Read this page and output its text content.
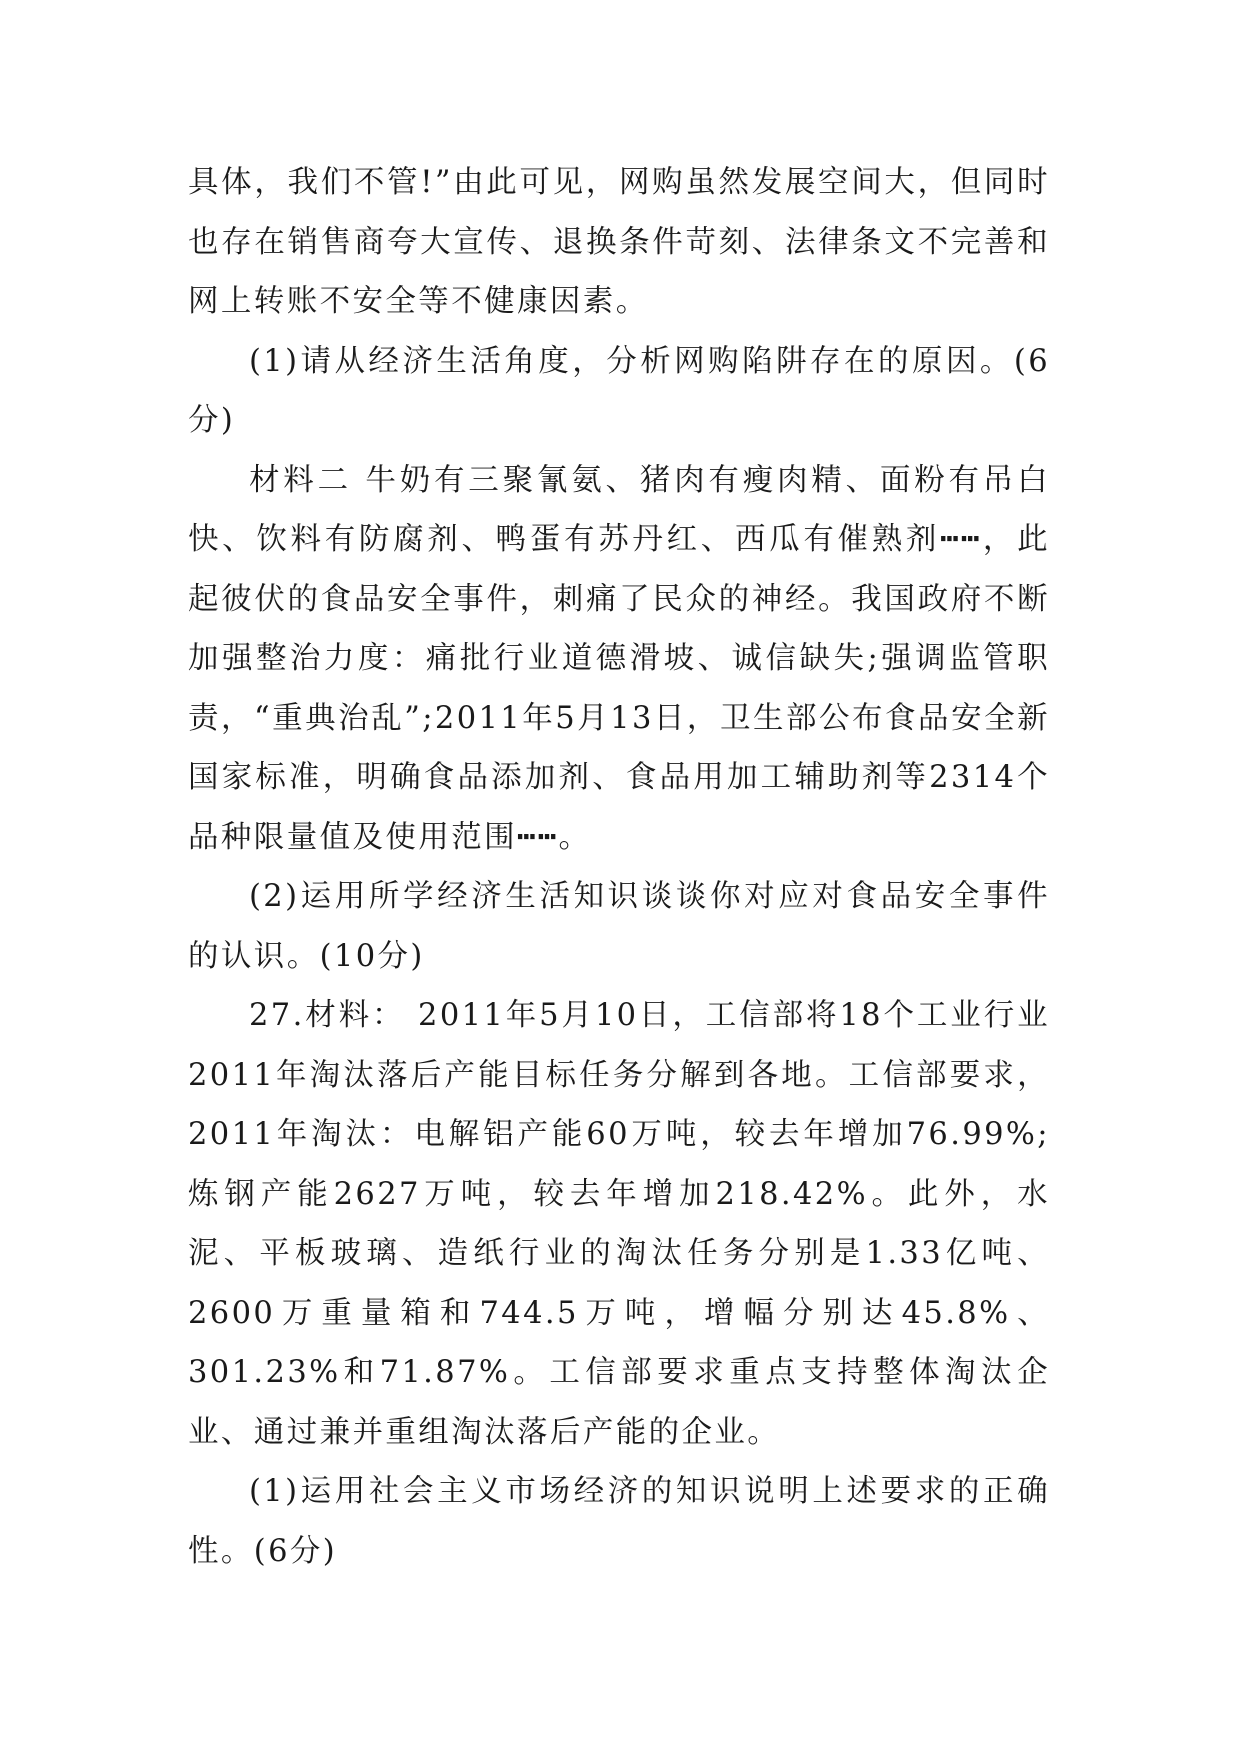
具体，我们不管!”由此可见，网购虽然发展空间大，但同时也存在销售商夸大宣传、退换条件苛刻、法律条文不完善和网上转账不安全等不健康因素。

(1)请从经济生活角度，分析网购陷阱存在的原因。(6分)

材料二 牛奶有三聚氰氨、猪肉有瘦肉精、面粉有吊白快、饮料有防腐剂、鸭蛋有苏丹红、西瓜有催熟剂┅┅，此起彼伏的食品安全事件，刺痛了民众的神经。我国政府不断加强整治力度：痛批行业道德滑坡、诚信缺失;强调监管职责，“重典治乱”;2011年5月13日，卫生部公布食品安全新国家标准，明确食品添加剂、食品用加工辅助剂等2314个品种限量值及使用范围┅┅。

(2)运用所学经济生活知识谈谈你对应对食品安全事件的认识。(10分)

27.材料： 2011年5月10日，工信部将18个工业行业2011年淘汰落后产能目标任务分解到各地。工信部要求，2011年淘汰：电解铝产能60万吨，较去年增加76.99%;炼钢产能2627万吨，较去年增加218.42%。此外，水泥、平板玻璃、造纸行业的淘汰任务分别是1.33亿吨、2600万重量箱和744.5万吨，增幅分别达45.8%、301.23%和71.87%。工信部要求重点支持整体淘汰企业、通过兼并重组淘汰落后产能的企业。

(1)运用社会主义市场经济的知识说明上述要求的正确性。(6分)
